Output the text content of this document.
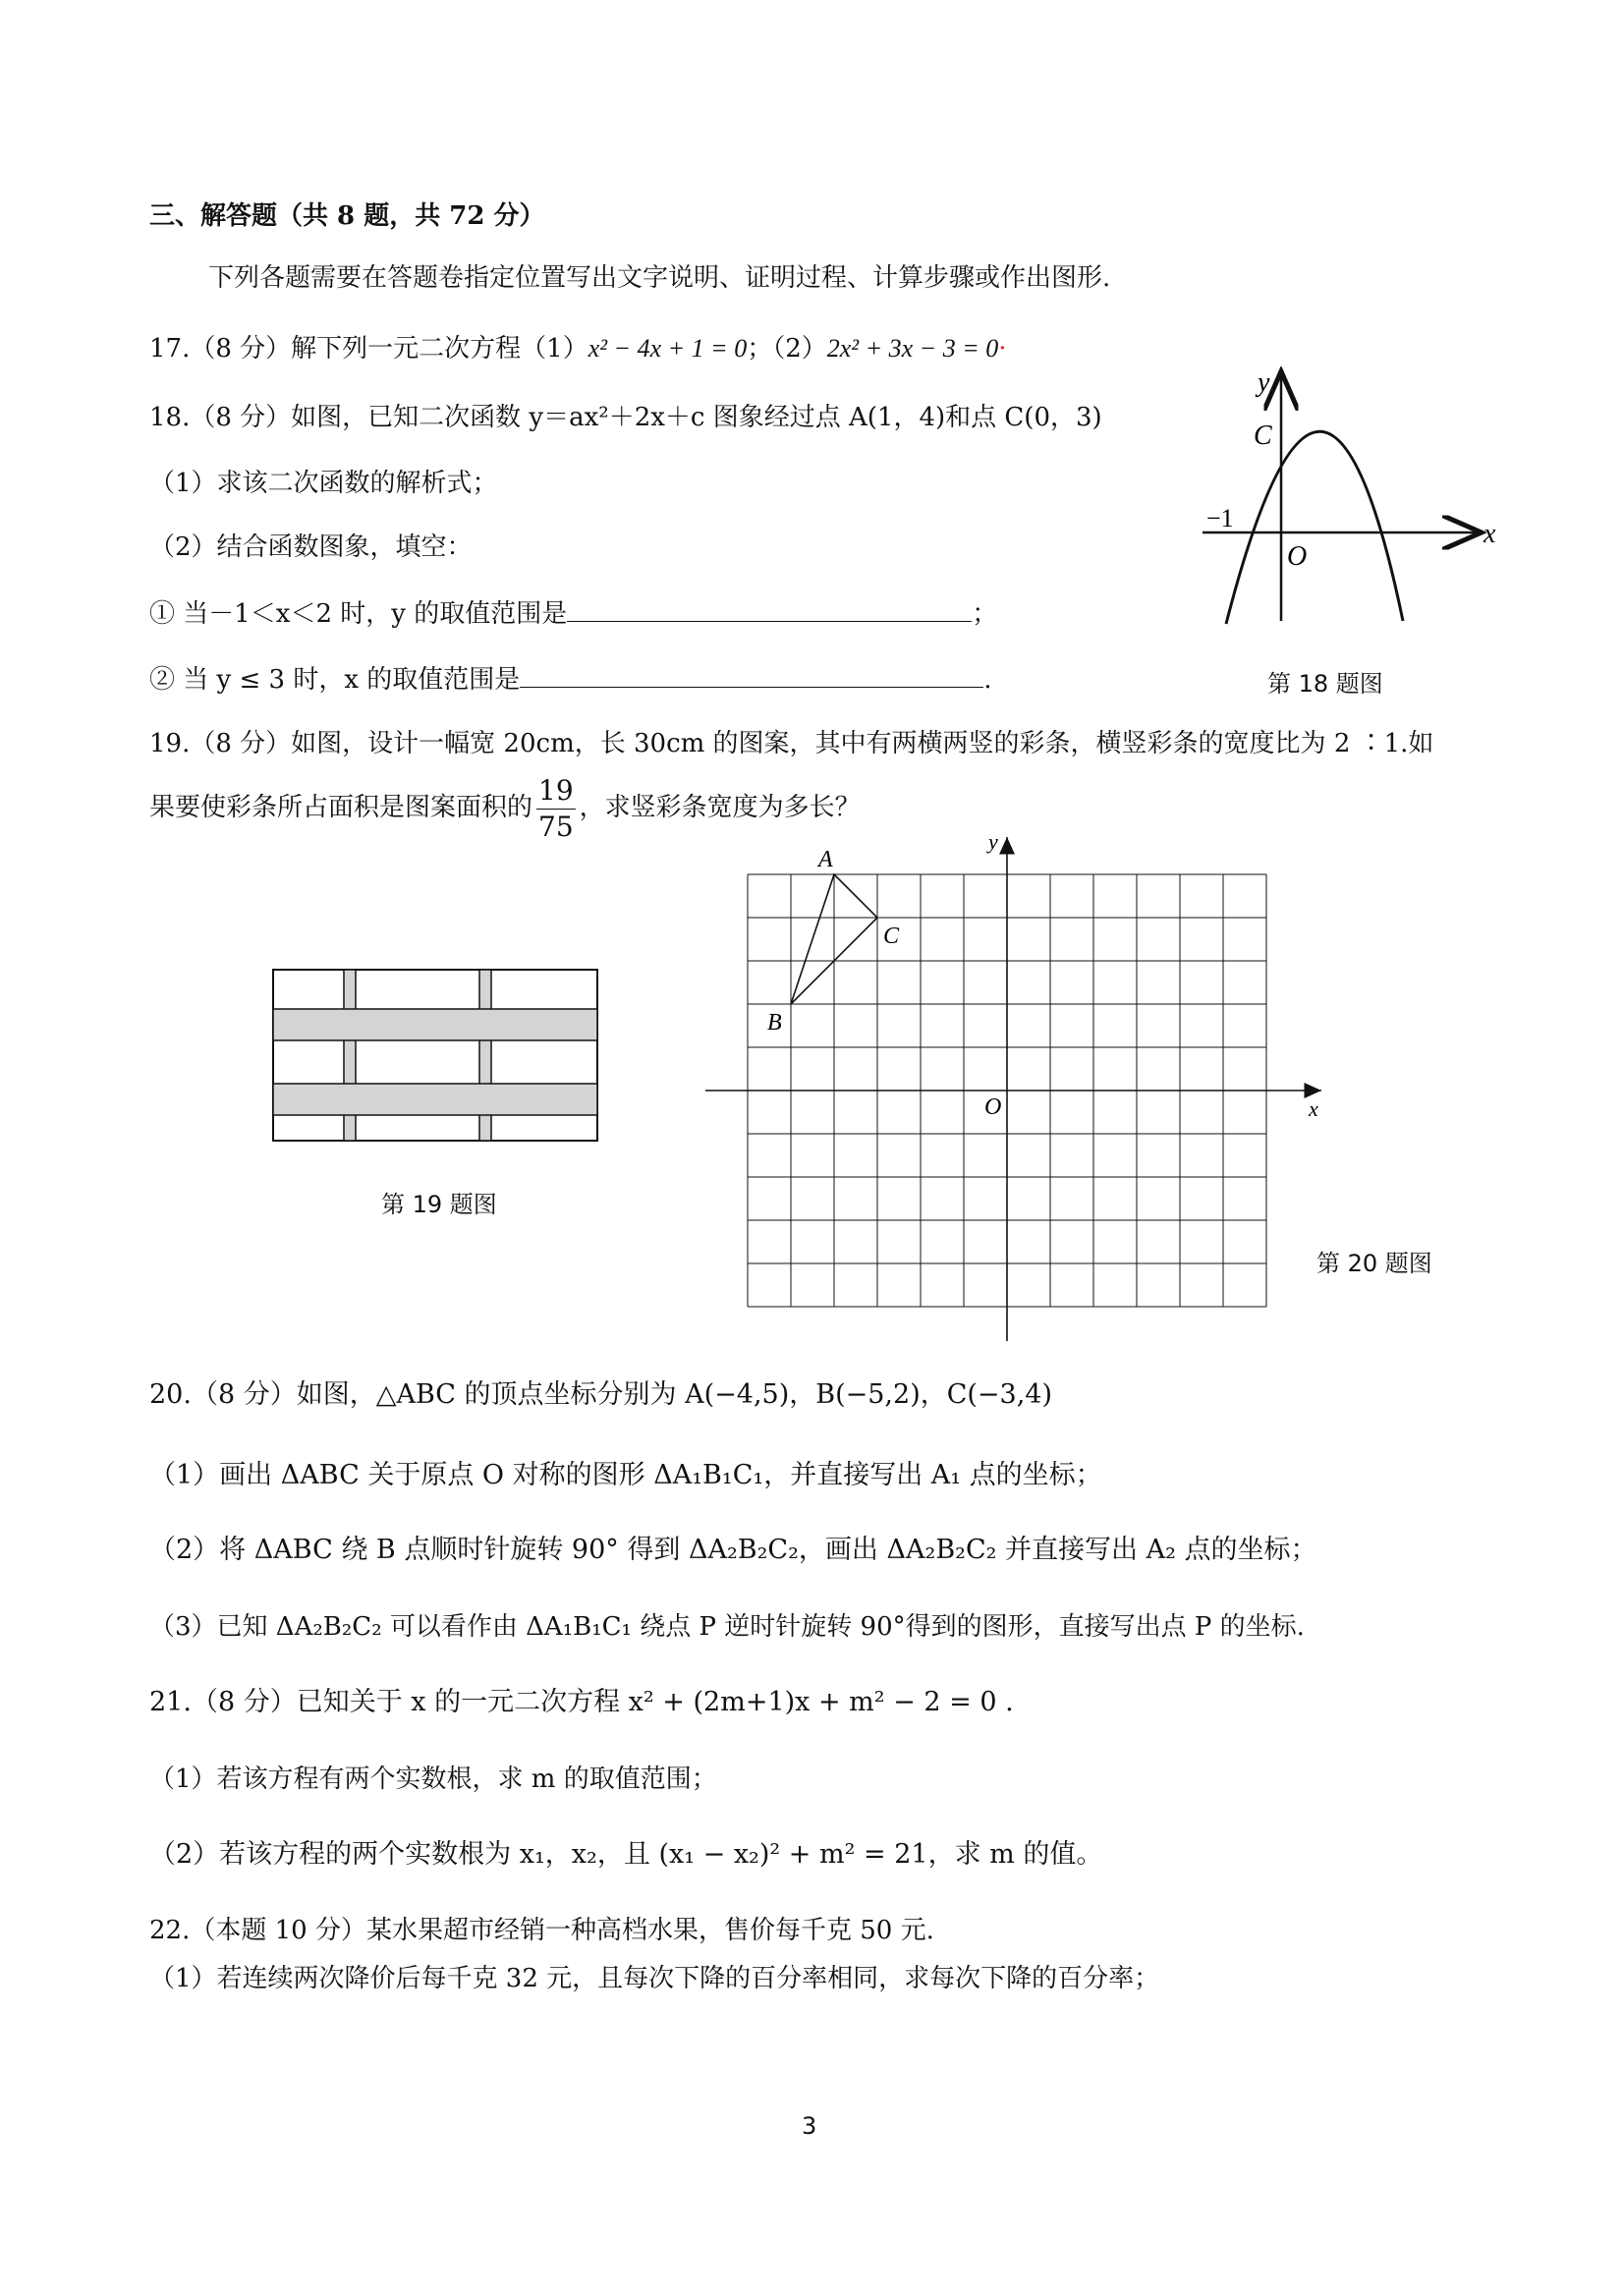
三、解答题（共 8 题，共 72 分）
下列各题需要在答题卷指定位置写出文字说明、证明过程、计算步骤或作出图形.
17.（8 分）解下列一元二次方程（1）x² − 4x + 1 = 0；（2）2x² + 3x − 3 = 0·
18.（8 分）如图，已知二次函数 y＝ax²＋2x＋c 图象经过点 A(1，4)和点 C(0，3)
（1）求该二次函数的解析式；
（2）结合函数图象，填空：
① 当－1＜x＜2 时，y 的取值范围是	；
② 当 y ≤ 3 时，x 的取值范围是	.
y
x
C
O
−1
第 18 题图
19.（8 分）如图，设计一幅宽 20cm，长 30cm 的图案，其中有两横两竖的彩条，横竖彩条的宽度比为 2 ∶1.如
果要使彩条所占面积是图案面积的 $\frac{19}{75}$ ，求竖彩条宽度为多长？
第 19 题图
A
B
C
O	x
y
第 20 题图
20.（8 分）如图，△ABC 的顶点坐标分别为 A(−4,5)，B(−5,2)，C(−3,4)
（1）画出 ΔABC 关于原点 O 对称的图形 ΔA₁B₁C₁，并直接写出 A₁ 点的坐标；
（2）将 ΔABC 绕 B 点顺时针旋转 90° 得到 ΔA₂B₂C₂，画出 ΔA₂B₂C₂ 并直接写出 A₂ 点的坐标；
（3）已知 ΔA₂B₂C₂ 可以看作由 ΔA₁B₁C₁ 绕点 P 逆时针旋转 90°得到的图形，直接写出点 P 的坐标.
21.（8 分）已知关于 x 的一元二次方程 x² + (2m+1)x + m² − 2 = 0 .
（1）若该方程有两个实数根，求 m 的取值范围；
（2）若该方程的两个实数根为 x₁，x₂，且 (x₁ − x₂)² + m² = 21，求 m 的值。
22.（本题 10 分）某水果超市经销一种高档水果，售价每千克 50 元.
（1）若连续两次降价后每千克 32 元，且每次下降的百分率相同，求每次下降的百分率；
3
